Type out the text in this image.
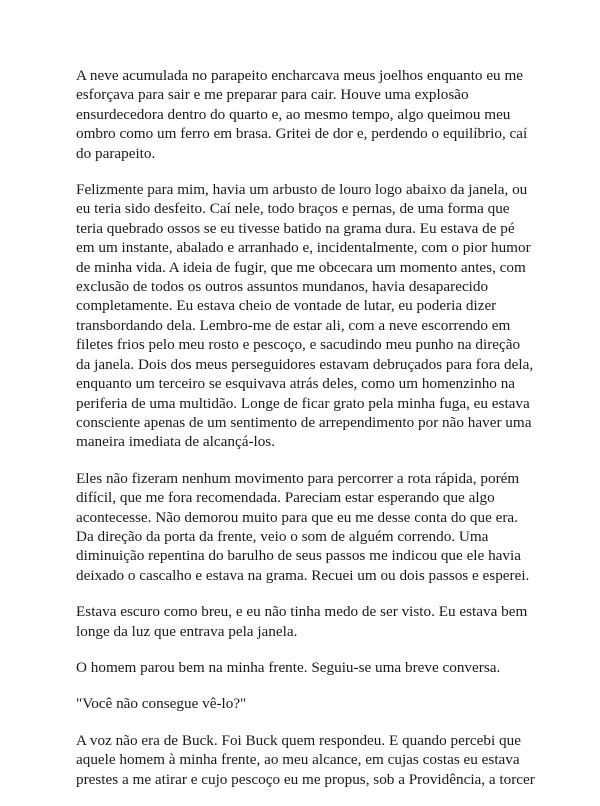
A neve acumulada no parapeito encharcava meus joelhos enquanto eu me esforçava para sair e me preparar para cair. Houve uma explosão ensurdecedora dentro do quarto e, ao mesmo tempo, algo queimou meu ombro como um ferro em brasa. Gritei de dor e, perdendo o equilíbrio, caí do parapeito.

Felizmente para mim, havia um arbusto de louro logo abaixo da janela, ou eu teria sido desfeito. Caí nele, todo braços e pernas, de uma forma que teria quebrado ossos se eu tivesse batido na grama dura. Eu estava de pé em um instante, abalado e arranhado e, incidentalmente, com o pior humor de minha vida. A ideia de fugir, que me obcecara um momento antes, com exclusão de todos os outros assuntos mundanos, havia desaparecido completamente. Eu estava cheio de vontade de lutar, eu poderia dizer transbordando dela. Lembro-me de estar ali, com a neve escorrendo em filetes frios pelo meu rosto e pescoço, e sacudindo meu punho na direção da janela. Dois dos meus perseguidores estavam debruçados para fora dela, enquanto um terceiro se esquivava atrás deles, como um homenzinho na periferia de uma multidão. Longe de ficar grato pela minha fuga, eu estava consciente apenas de um sentimento de arrependimento por não haver uma maneira imediata de alcançá-los.

Eles não fizeram nenhum movimento para percorrer a rota rápida, porém difícil, que me fora recomendada. Pareciam estar esperando que algo acontecesse. Não demorou muito para que eu me desse conta do que era. Da direção da porta da frente, veio o som de alguém correndo. Uma diminuição repentina do barulho de seus passos me indicou que ele havia deixado o cascalho e estava na grama. Recuei um ou dois passos e esperei.

Estava escuro como breu, e eu não tinha medo de ser visto. Eu estava bem longe da luz que entrava pela janela.

O homem parou bem na minha frente. Seguiu-se uma breve conversa.

"Você não consegue vê-lo?"

A voz não era de Buck. Foi Buck quem respondeu. E quando percebi que aquele homem à minha frente, ao meu alcance, em cujas costas eu estava prestes a me atirar e cujo pescoço eu me propus, sob a Providência, a torcer
